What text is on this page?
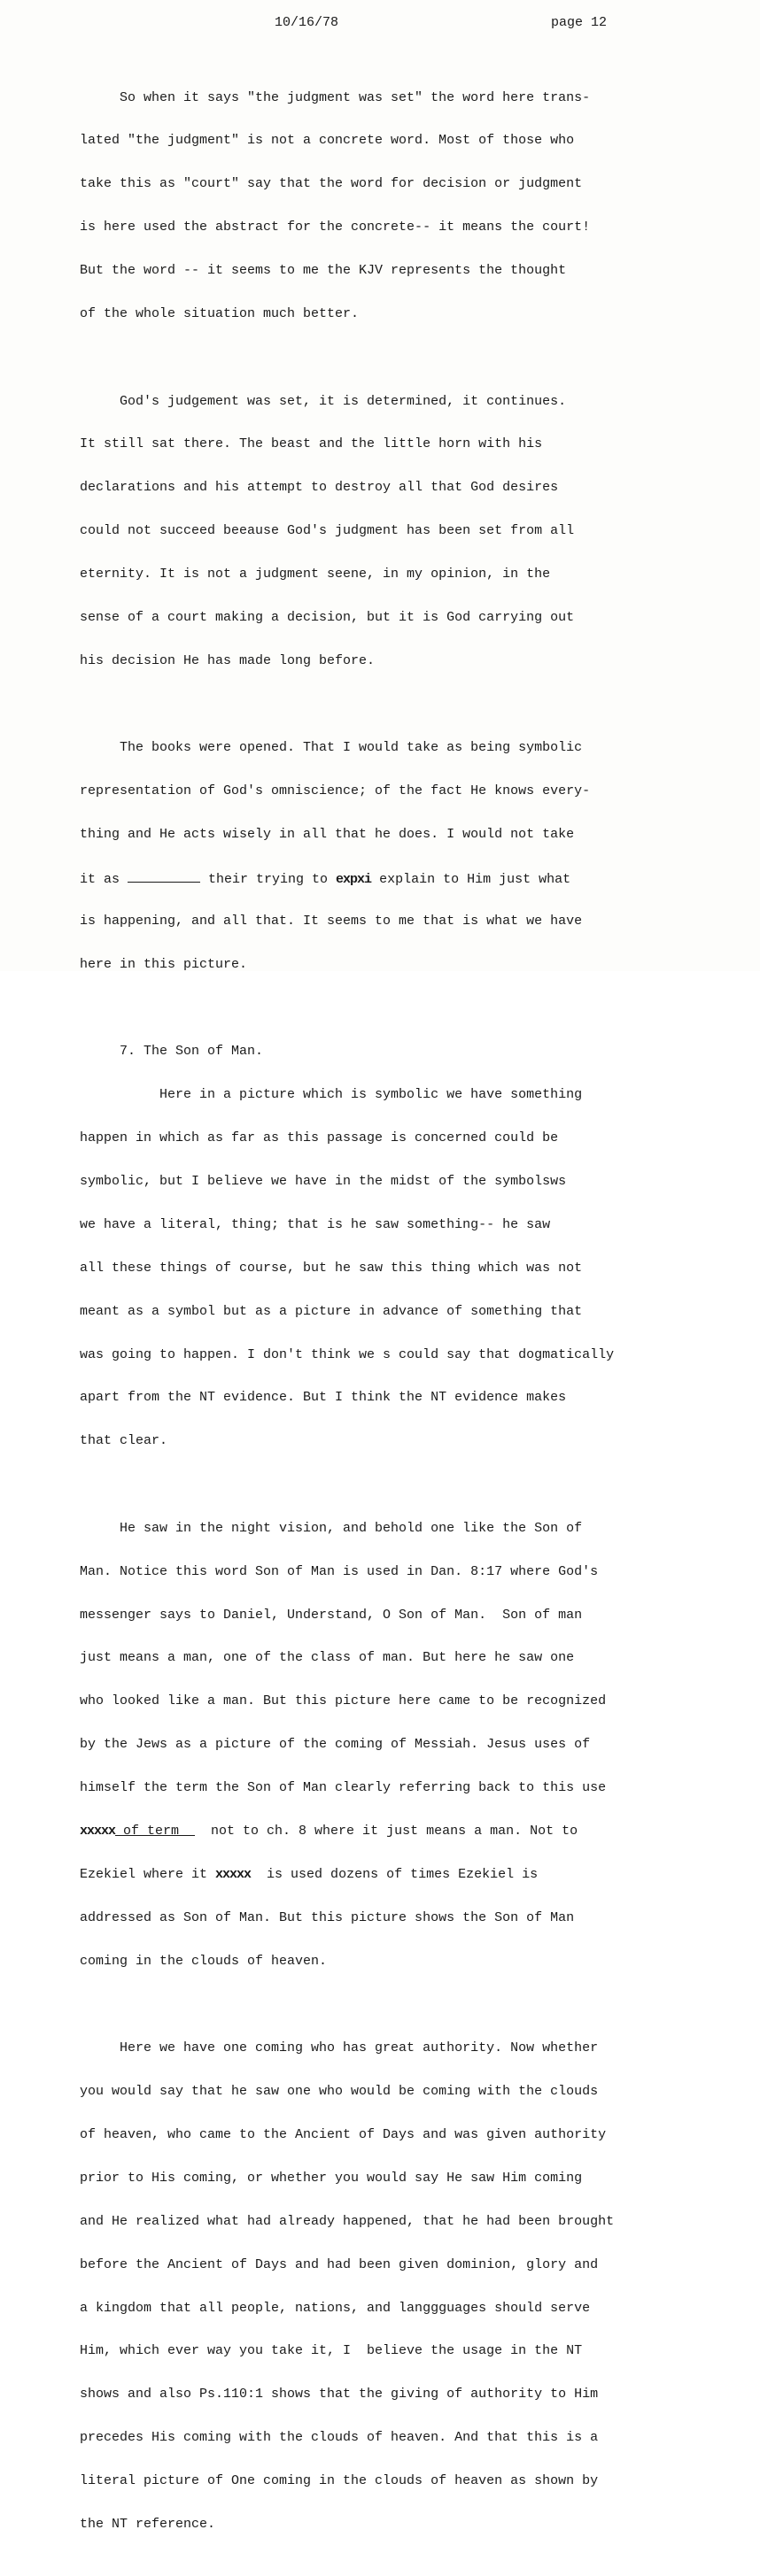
10/16/78	page 12

So when it says "the judgment was set" the word here trans-

lated "the judgment" is not a concrete word. Most of those who

take this as "court" say that the word for decision or judgment

is here used the abstract for the concrete-- it means the court!

But the word -- it seems to me the KJV represents the thought

of the whole situation much better.

God's judgement was set, it is determined, it continues.

It still sat there. The beast and the little horn with his

declarations and his attempt to destroy all that God desires

could not succeed beeause God's judgment has been set from all

eternity. It is not a judgment seene, in my opinion, in the

sense of a court making a decision, but it is God carrying out

his decision He has made long before.

The books were opened. That I would take as being symbolic

representation of God's omniscience; of the fact He knows every-

thing and He acts wisely in all that he does. I would not take

it as	their trying to expxi explain to Him just what

is happening, and all that. It seems to me that is what we have

here in this picture.

7. The Son of Man.

Here in a picture which is symbolic we have something

happen in which as far as this passage is concerned could be

symbolic, but I believe we have in the midst of the symbolsws

we have a literal, thing; that is he saw something-- he saw

all these things of course, but he saw this thing which was not

meant as a symbol but as a picture in advance of something that

was going to happen. I don't think we s could say that dogmatically

apart from the NT evidence. But I think the NT evidence makes

that clear.

He saw in the night vision, and behold one like the Son of

Man. Notice this word Son of Man is used in Dan. 8:17 where God's

messenger says to Daniel, Understand, O Son of Man.  Son of man

just means a man, one of the class of man. But here he saw one

who looked like a man. But this picture here came to be recognized

by the Jews as a picture of the coming of Messiah. Jesus uses of

himself the term the Son of Man clearly referring back to this use

xxxxx of term    not to ch. 8 where it just means a man. Not to

Ezekiel where it xxxxx  is used dozens of times Ezekiel is

addressed as Son of Man. But this picture shows the Son of Man

coming in the clouds of heaven.

Here we have one coming who has great authority. Now whether

you would say that he saw one who would be coming with the clouds

of heaven, who came to the Ancient of Days and was given authority

prior to His coming, or whether you would say He saw Him coming

and He realized what had already happened, that he had been brought

before the Ancient of Days and had been given dominion, glory and

a kingdom that all people, nations, and langgguages should serve

Him, which ever way you take it, I  believe the usage in the NT

shows and also Ps.110:1 shows that the giving of authority to Him

precedes His coming with the clouds of heaven. And that this is a

literal picture of One coming in the clouds of heaven as shown by

the NT reference.
